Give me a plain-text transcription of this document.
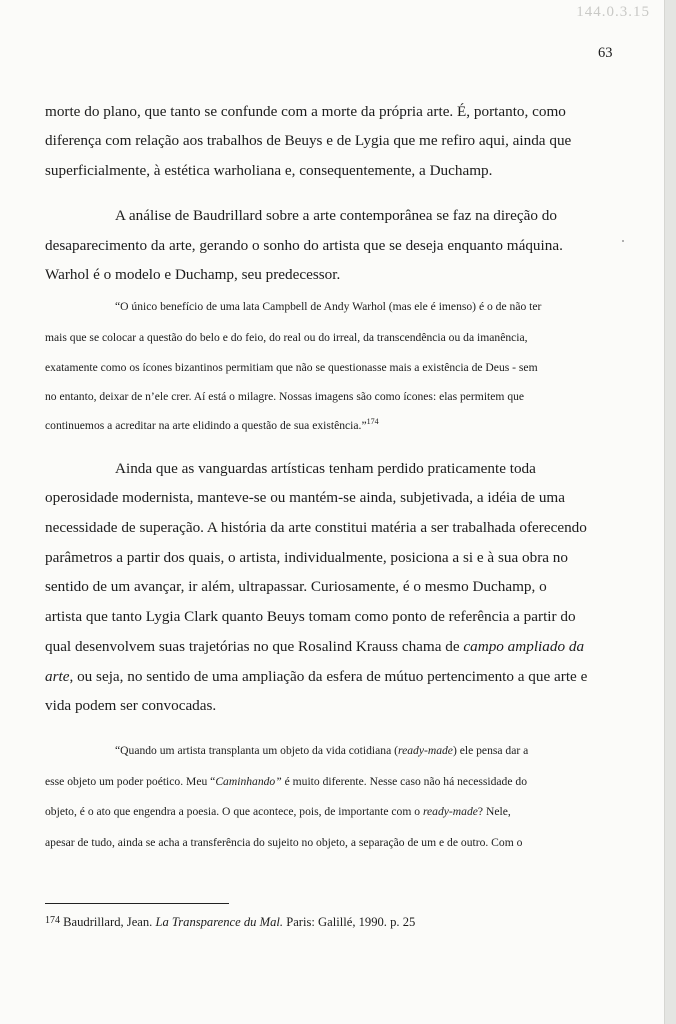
144.0.3.15
63
morte do plano, que tanto se confunde com a morte da própria arte. É, portanto, como
diferença com relação aos trabalhos de Beuys e de Lygia que me refiro aqui, ainda que
superficialmente, à estética warholiana e, consequentemente, a Duchamp.
A análise de Baudrillard sobre a arte contemporânea se faz na direção do
desaparecimento da arte, gerando o sonho do artista que se deseja enquanto máquina.
Warhol é o modelo e Duchamp, seu predecessor.
“O único benefício de uma lata Campbell de Andy Warhol (mas ele é imenso) é o de não ter
mais que se colocar a questão do belo e do feio, do real ou do irreal, da transcendência ou da imanência,
exatamente como os ícones bizantinos permitiam que não se questionasse mais a existência de Deus - sem
no entanto, deixar de n’ele crer. Aí está o milagre. Nossas imagens são como ícones: elas permitem que
continuemos a acreditar na arte elidindo a questão de sua existência.”$^{174}$
Ainda que as vanguardas artísticas tenham perdido praticamente toda
operosidade modernista, manteve-se ou mantém-se ainda, subjetivada, a idéia de uma
necessidade de superação. A história da arte constitui matéria a ser trabalhada oferecendo
parâmetros a partir dos quais, o artista, individualmente, posiciona a si e à sua obra no
sentido de um avançar, ir além, ultrapassar. Curiosamente, é o mesmo Duchamp, o
artista que tanto Lygia Clark quanto Beuys tomam como ponto de referência a partir do
qual desenvolvem suas trajetórias no que Rosalind Krauss chama de campo ampliado da
arte, ou seja, no sentido de uma ampliação da esfera de mútuo pertencimento a que arte e
vida podem ser convocadas.
“Quando um artista transplanta um objeto da vida cotidiana (ready-made) ele pensa dar a
esse objeto um poder poético. Meu “Caminhando” é muito diferente. Nesse caso não há necessidade do
objeto, é o ato que engendra a poesia. O que acontece, pois, de importante com o ready-made? Nele,
apesar de tudo, ainda se acha a transferência do sujeito no objeto, a separação de um e de outro. Com o
$^{174}$ Baudrillard, Jean. La Transparence du Mal. Paris: Galillé, 1990. p. 25
